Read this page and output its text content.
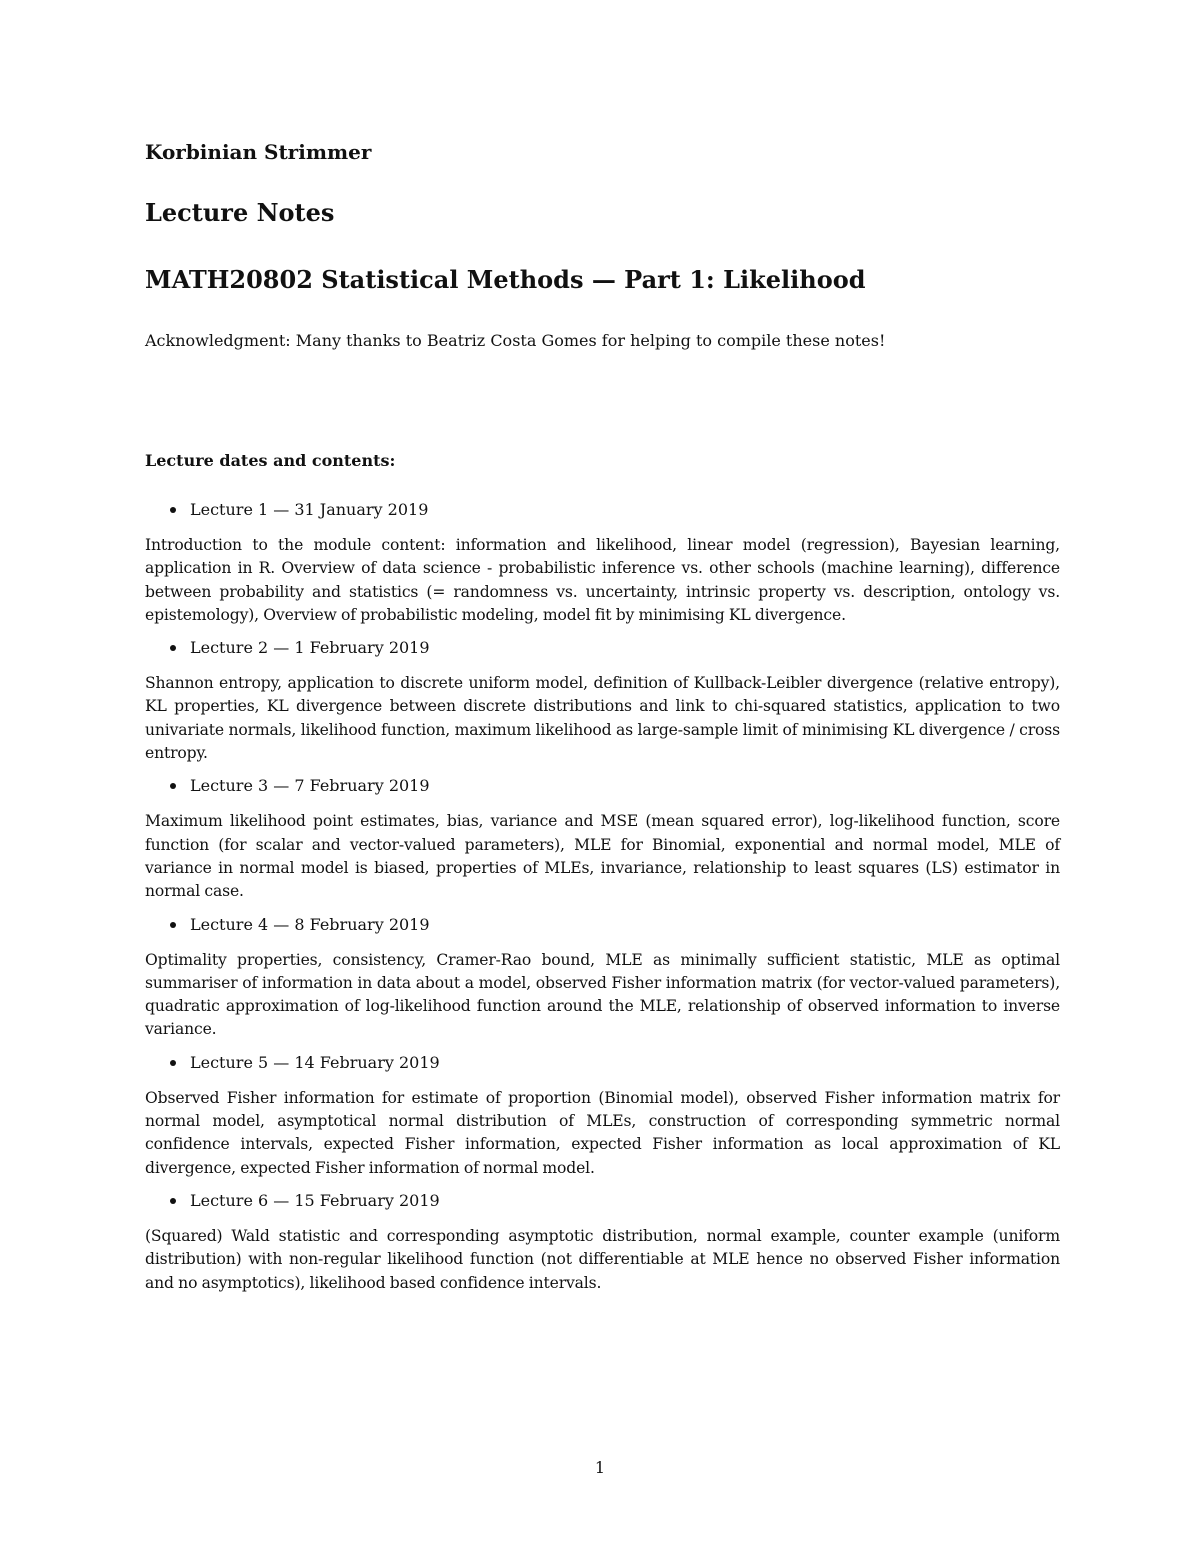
Korbinian Strimmer

Lecture Notes

MATH20802 Statistical Methods — Part 1: Likelihood

Acknowledgment: Many thanks to Beatriz Costa Gomes for helping to compile these notes!

Lecture dates and contents:

Lecture 1 — 31 January 2019

Introduction to the module content: information and likelihood, linear model (regression), Bayesian learning, application in R. Overview of data science - probabilistic inference vs. other schools (machine learning), difference between probability and statistics (= randomness vs. uncertainty, intrinsic property vs. description, ontology vs. epistemology), Overview of probabilistic modeling, model fit by minimising KL divergence.

Lecture 2 — 1 February 2019

Shannon entropy, application to discrete uniform model, definition of Kullback-Leibler divergence (relative entropy), KL properties, KL divergence between discrete distributions and link to chi-squared statistics, application to two univariate normals, likelihood function, maximum likelihood as large-sample limit of minimising KL divergence / cross entropy.

Lecture 3 — 7 February 2019

Maximum likelihood point estimates, bias, variance and MSE (mean squared error), log-likelihood function, score function (for scalar and vector-valued parameters), MLE for Binomial, exponential and normal model, MLE of variance in normal model is biased, properties of MLEs, invariance, relationship to least squares (LS) estimator in normal case.

Lecture 4 — 8 February 2019

Optimality properties, consistency, Cramer-Rao bound, MLE as minimally sufficient statistic, MLE as optimal summariser of information in data about a model, observed Fisher information matrix (for vector-valued parameters), quadratic approximation of log-likelihood function around the MLE, relationship of observed information to inverse variance.

Lecture 5 — 14 February 2019

Observed Fisher information for estimate of proportion (Binomial model), observed Fisher information matrix for normal model, asymptotical normal distribution of MLEs, construction of corresponding symmetric normal confidence intervals, expected Fisher information, expected Fisher information as local approximation of KL divergence, expected Fisher information of normal model.

Lecture 6 — 15 February 2019

(Squared) Wald statistic and corresponding asymptotic distribution, normal example, counter example (uniform distribution) with non-regular likelihood function (not differentiable at MLE hence no observed Fisher information and no asymptotics), likelihood based confidence intervals.

1
